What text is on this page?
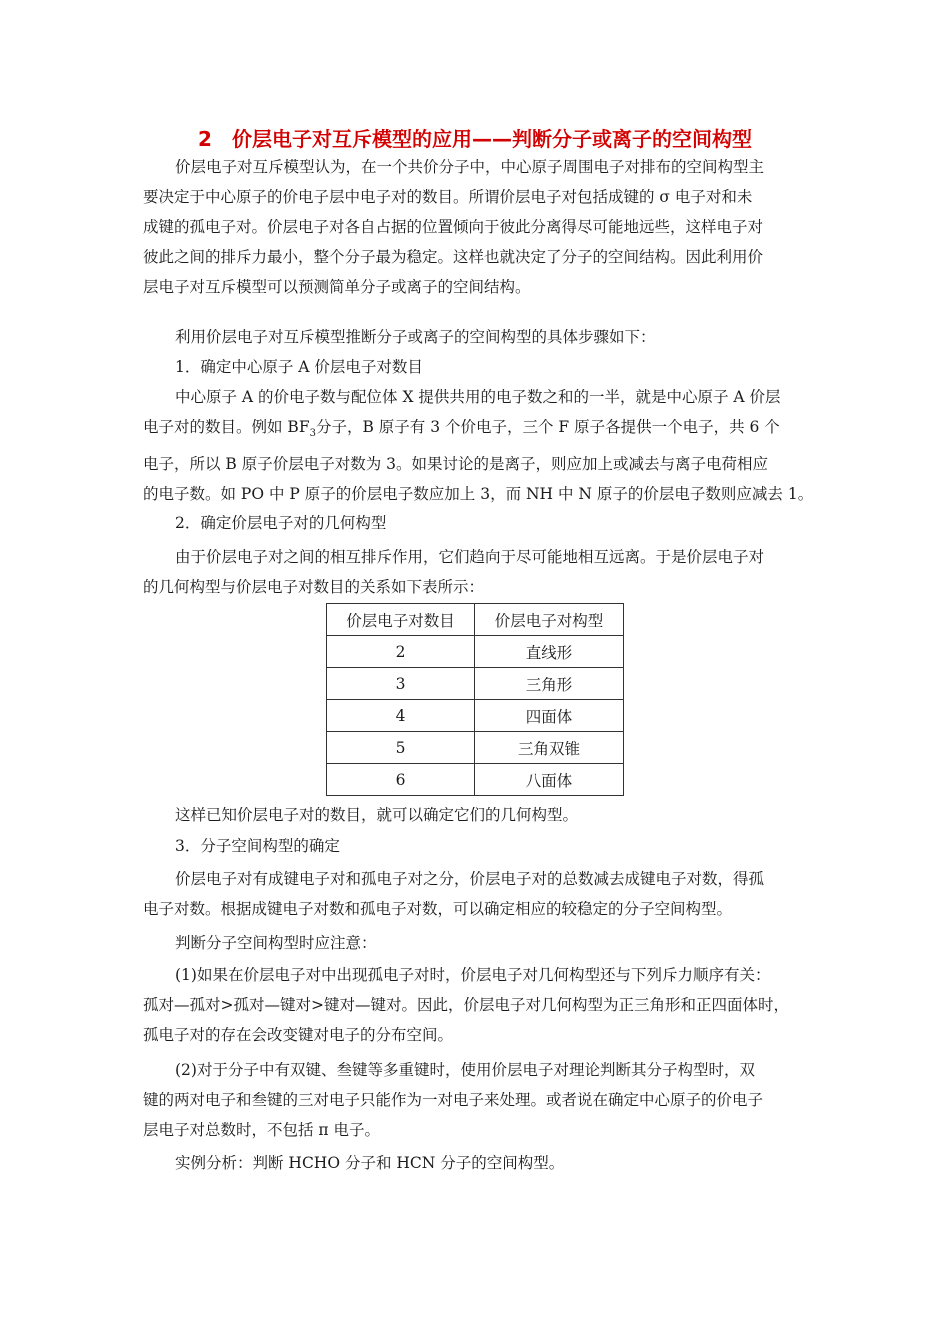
2　价层电子对互斥模型的应用——判断分子或离子的空间构型
价层电子对互斥模型认为，在一个共价分子中，中心原子周围电子对排布的空间构型主
要决定于中心原子的价电子层中电子对的数目。所谓价层电子对包括成键的 σ 电子对和未
成键的孤电子对。价层电子对各自占据的位置倾向于彼此分离得尽可能地远些，这样电子对
彼此之间的排斥力最小，整个分子最为稳定。这样也就决定了分子的空间结构。因此利用价
层电子对互斥模型可以预测简单分子或离子的空间结构。
利用价层电子对互斥模型推断分子或离子的空间构型的具体步骤如下：
1．确定中心原子 A 价层电子对数目
中心原子 A 的价电子数与配位体 X 提供共用的电子数之和的一半，就是中心原子 A 价层
电子对的数目。例如 $BF_3$分子，B 原子有 3 个价电子，三个 F 原子各提供一个电子，共 6 个
电子，所以 B 原子价层电子对数为 3。如果讨论的是离子，则应加上或减去与离子电荷相应
的电子数。如 PO 中 P 原子的价层电子数应加上 3，而 NH 中 N 原子的价层电子数则应减去 1。
2．确定价层电子对的几何构型
由于价层电子对之间的相互排斥作用，它们趋向于尽可能地相互远离。于是价层电子对
的几何构型与价层电子对数目的关系如下表所示：
价层电子对数目	价层电子对构型
2	直线形
3	三角形
4	四面体
5	三角双锥
6	八面体
这样已知价层电子对的数目，就可以确定它们的几何构型。
3．分子空间构型的确定
价层电子对有成键电子对和孤电子对之分，价层电子对的总数减去成键电子对数，得孤
电子对数。根据成键电子对数和孤电子对数，可以确定相应的较稳定的分子空间构型。
判断分子空间构型时应注意：
(1)如果在价层电子对中出现孤电子对时，价层电子对几何构型还与下列斥力顺序有关：
孤对—孤对>孤对—键对>键对—键对。因此，价层电子对几何构型为正三角形和正四面体时，
孤电子对的存在会改变键对电子的分布空间。
(2)对于分子中有双键、叁键等多重键时，使用价层电子对理论判断其分子构型时，双
键的两对电子和叁键的三对电子只能作为一对电子来处理。或者说在确定中心原子的价电子
层电子对总数时，不包括 π 电子。
实例分析：判断 HCHO 分子和 HCN 分子的空间构型。
